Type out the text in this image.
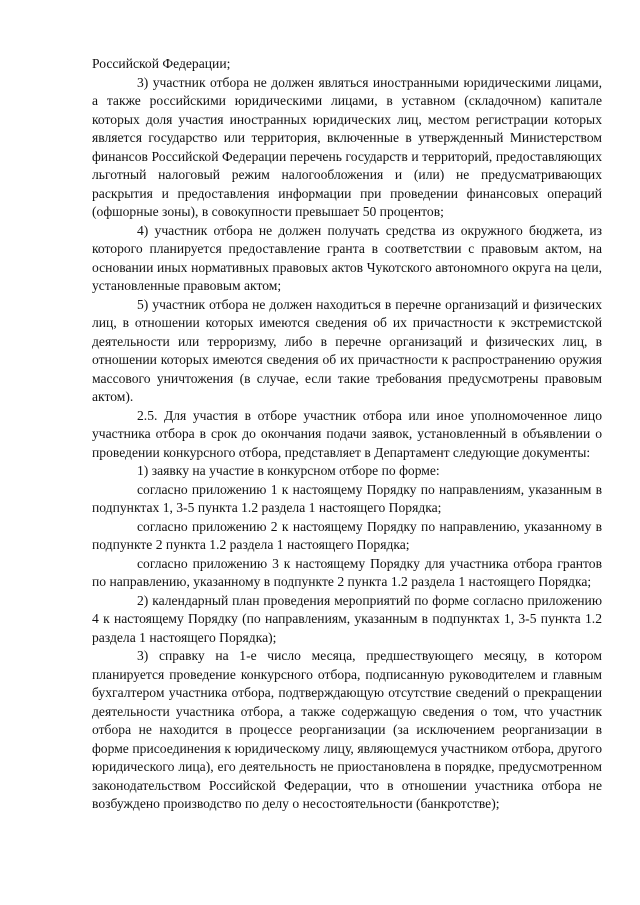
Российской Федерации;

3) участник отбора не должен являться иностранными юридическими лицами, а также российскими юридическими лицами, в уставном (складочном) капитале которых доля участия иностранных юридических лиц, местом регистрации которых является государство или территория, включенные в утвержденный Министерством финансов Российской Федерации перечень государств и территорий, предоставляющих льготный налоговый режим налогообложения и (или) не предусматривающих раскрытия и предоставления информации при проведении финансовых операций (офшорные зоны), в совокупности превышает 50 процентов;

4) участник отбора не должен получать средства из окружного бюджета, из которого планируется предоставление гранта в соответствии с правовым актом, на основании иных нормативных правовых актов Чукотского автономного округа на цели, установленные правовым актом;

5) участник отбора не должен находиться в перечне организаций и физических лиц, в отношении которых имеются сведения об их причастности к экстремистской деятельности или терроризму, либо в перечне организаций и физических лиц, в отношении которых имеются сведения об их причастности к распространению оружия массового уничтожения (в случае, если такие требования предусмотрены правовым актом).

2.5. Для участия в отборе участник отбора или иное уполномоченное лицо участника отбора в срок до окончания подачи заявок, установленный в объявлении о проведении конкурсного отбора, представляет в Департамент следующие документы:

1) заявку на участие в конкурсном отборе по форме:

согласно приложению 1 к настоящему Порядку по направлениям, указанным в подпунктах 1, 3-5 пункта 1.2 раздела 1 настоящего Порядка;

согласно приложению 2 к настоящему Порядку по направлению, указанному в подпункте 2 пункта 1.2 раздела 1 настоящего Порядка;

согласно приложению 3 к настоящему Порядку для участника отбора грантов по направлению, указанному в подпункте 2 пункта 1.2 раздела 1 настоящего Порядка;

2) календарный план проведения мероприятий по форме согласно приложению 4 к настоящему Порядку (по направлениям, указанным в подпунктах 1, 3-5 пункта 1.2 раздела 1 настоящего Порядка);

3) справку на 1-е число месяца, предшествующего месяцу, в котором планируется проведение конкурсного отбора, подписанную руководителем и главным бухгалтером участника отбора, подтверждающую отсутствие сведений о прекращении деятельности участника отбора, а также содержащую сведения о том, что участник отбора не находится в процессе реорганизации (за исключением реорганизации в форме присоединения к юридическому лицу, являющемуся участником отбора, другого юридического лица), его деятельность не приостановлена в порядке, предусмотренном законодательством Российской Федерации, что в отношении участника отбора не возбуждено производство по делу о несостоятельности (банкротстве);
